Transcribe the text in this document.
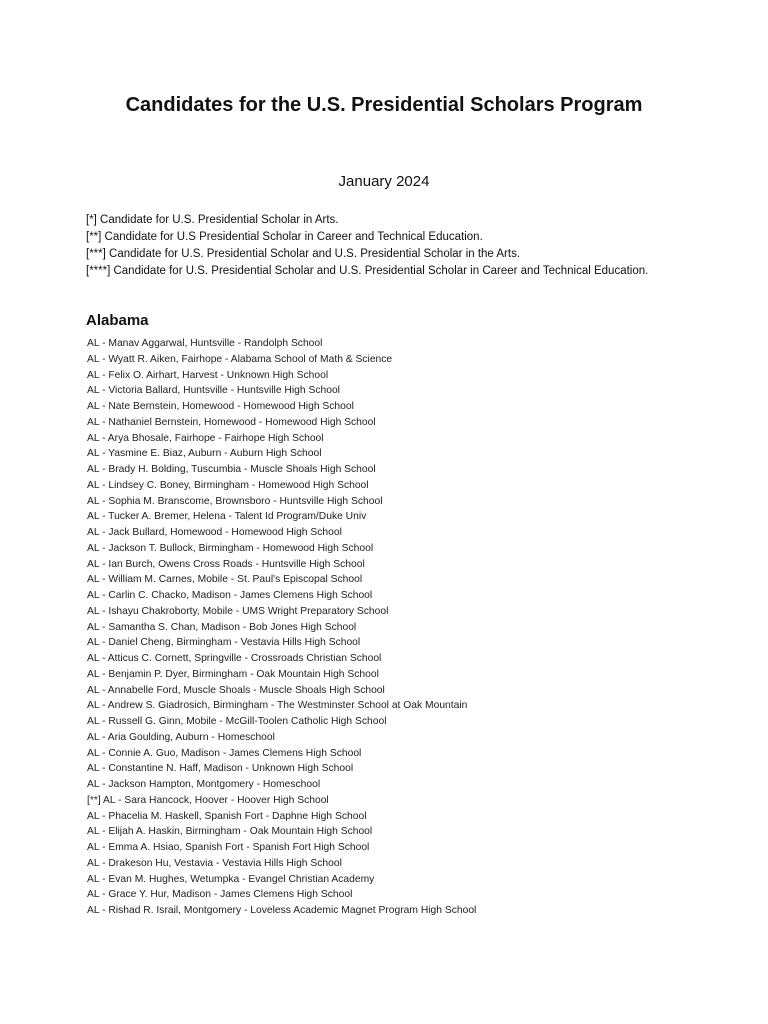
Candidates for the U.S. Presidential Scholars Program
January 2024
[*] Candidate for U.S. Presidential Scholar in Arts.
[**] Candidate for U.S Presidential Scholar in Career and Technical Education.
[***] Candidate for U.S. Presidential Scholar and U.S. Presidential Scholar in the Arts.
[****] Candidate for U.S. Presidential Scholar and U.S. Presidential Scholar in Career and Technical Education.
Alabama
AL - Manav Aggarwal, Huntsville - Randolph School
AL - Wyatt R. Aiken, Fairhope - Alabama School of Math & Science
AL - Felix O. Airhart, Harvest - Unknown High School
AL - Victoria Ballard, Huntsville - Huntsville High School
AL - Nate Bernstein, Homewood - Homewood High School
AL - Nathaniel Bernstein, Homewood - Homewood High School
AL - Arya Bhosale, Fairhope - Fairhope High School
AL - Yasmine E. Biaz, Auburn - Auburn High School
AL - Brady H. Bolding, Tuscumbia - Muscle Shoals High School
AL - Lindsey C. Boney, Birmingham - Homewood High School
AL - Sophia M. Branscome, Brownsboro - Huntsville High School
AL - Tucker A. Bremer, Helena - Talent Id Program/Duke Univ
AL - Jack Bullard, Homewood - Homewood High School
AL - Jackson T. Bullock, Birmingham - Homewood High School
AL - Ian Burch, Owens Cross Roads - Huntsville High School
AL - William M. Carnes, Mobile - St. Paul's Episcopal School
AL - Carlin C. Chacko, Madison - James Clemens High School
AL - Ishayu Chakroborty, Mobile - UMS Wright Preparatory School
AL - Samantha S. Chan, Madison - Bob Jones High School
AL - Daniel Cheng, Birmingham - Vestavia Hills High School
AL - Atticus C. Cornett, Springville - Crossroads Christian School
AL - Benjamin P. Dyer, Birmingham - Oak Mountain High School
AL - Annabelle Ford, Muscle Shoals - Muscle Shoals High School
AL - Andrew S. Giadrosich, Birmingham - The Westminster School at Oak Mountain
AL - Russell G. Ginn, Mobile - McGill-Toolen Catholic High School
AL - Aria Goulding, Auburn - Homeschool
AL - Connie A. Guo, Madison - James Clemens High School
AL - Constantine N. Haff, Madison - Unknown High School
AL - Jackson Hampton, Montgomery - Homeschool
[**] AL - Sara Hancock, Hoover - Hoover High School
AL - Phacelia M. Haskell, Spanish Fort - Daphne High School
AL - Elijah A. Haskin, Birmingham - Oak Mountain High School
AL - Emma A. Hsiao, Spanish Fort - Spanish Fort High School
AL - Drakeson Hu, Vestavia - Vestavia Hills High School
AL - Evan M. Hughes, Wetumpka - Evangel Christian Academy
AL - Grace Y. Hur, Madison - James Clemens High School
AL - Rishad R. Israil, Montgomery - Loveless Academic Magnet Program High School
